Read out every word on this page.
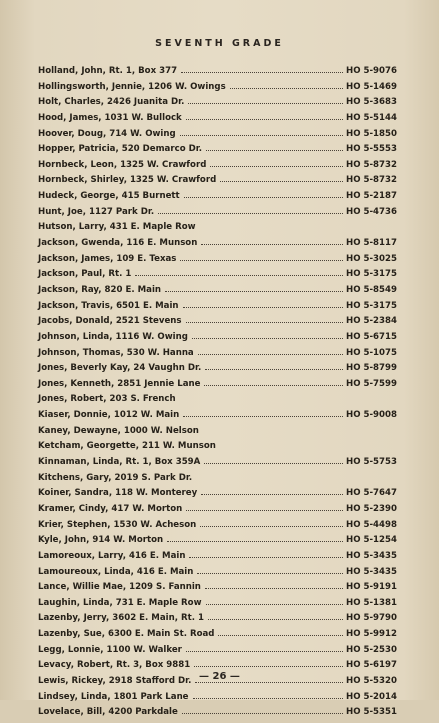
SEVENTH GRADE
Holland, John, Rt. 1, Box 377	HO 5-9076
Hollingsworth, Jennie, 1206 W. Owings	HO 5-1469
Holt, Charles, 2426 Juanita Dr.	HO 5-3683
Hood, James, 1031 W. Bullock	HO 5-5144
Hoover, Doug, 714 W. Owing	HO 5-1850
Hopper, Patricia, 520 Demarco Dr.	HO 5-5553
Hornbeck, Leon, 1325 W. Crawford	HO 5-8732
Hornbeck, Shirley, 1325 W. Crawford	HO 5-8732
Hudeck, George, 415 Burnett	HO 5-2187
Hunt, Joe, 1127 Park Dr.	HO 5-4736
Hutson, Larry, 431 E. Maple Row
Jackson, Gwenda, 116 E. Munson	HO 5-8117
Jackson, James, 109 E. Texas	HO 5-3025
Jackson, Paul, Rt. 1	HO 5-3175
Jackson, Ray, 820 E. Main	HO 5-8549
Jackson, Travis, 6501 E. Main	HO 5-3175
Jacobs, Donald, 2521 Stevens	HO 5-2384
Johnson, Linda, 1116 W. Owing	HO 5-6715
Johnson, Thomas, 530 W. Hanna	HO 5-1075
Jones, Beverly Kay, 24 Vaughn Dr.	HO 5-8799
Jones, Kenneth, 2851 Jennie Lane	HO 5-7599
Jones, Robert, 203 S. French
Kiaser, Donnie, 1012 W. Main	HO 5-9008
Kaney, Dewayne, 1000 W. Nelson
Ketcham, Georgette, 211 W. Munson
Kinnaman, Linda, Rt. 1, Box 359A	HO 5-5753
Kitchens, Gary, 2019 S. Park Dr.
Koiner, Sandra, 118 W. Monterey	HO 5-7647
Kramer, Cindy, 417 W. Morton	HO 5-2390
Krier, Stephen, 1530 W. Acheson	HO 5-4498
Kyle, John, 914 W. Morton	HO 5-1254
Lamoreoux, Larry, 416 E. Main	HO 5-3435
Lamoureoux, Linda, 416 E. Main	HO 5-3435
Lance, Willie Mae, 1209 S. Fannin	HO 5-9191
Laughin, Linda, 731 E. Maple Row	HO 5-1381
Lazenby, Jerry, 3602 E. Main, Rt. 1	HO 5-9790
Lazenby, Sue, 6300 E. Main St. Road	HO 5-9912
Legg, Lonnie, 1100 W. Walker	HO 5-2530
Levacy, Robert, Rt. 3, Box 9881	HO 5-6197
Lewis, Rickey, 2918 Stafford Dr.	HO 5-5320
Lindsey, Linda, 1801 Park Lane	HO 5-2014
Lovelace, Bill, 4200 Parkdale	HO 5-5351
— 26 —
